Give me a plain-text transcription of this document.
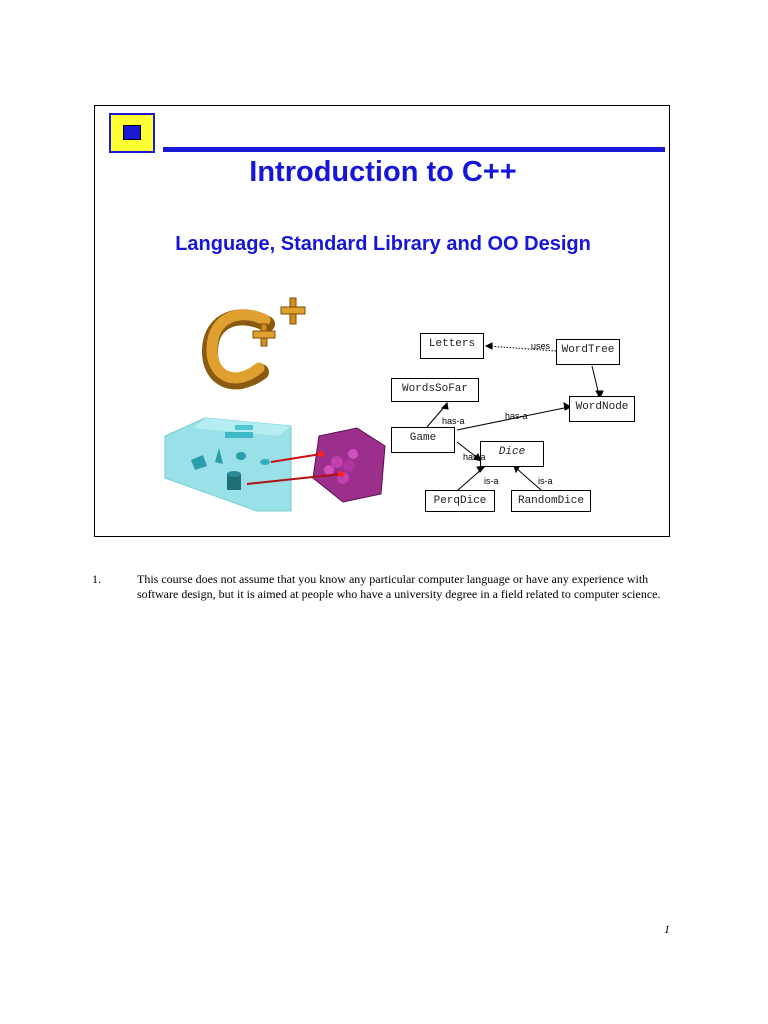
Introduction to C++
Language, Standard Library and OO Design
Letters	WordTree
WordsSoFar
WordNode
Game
Dice
PerqDice	RandomDice
uses
has-a	has-a
has-a
is-a	is-a
1.	This course does not assume that you know any particular computer language or have any experience with software design, but it is aimed at people who have a university degree in a field related to computer science.
1
